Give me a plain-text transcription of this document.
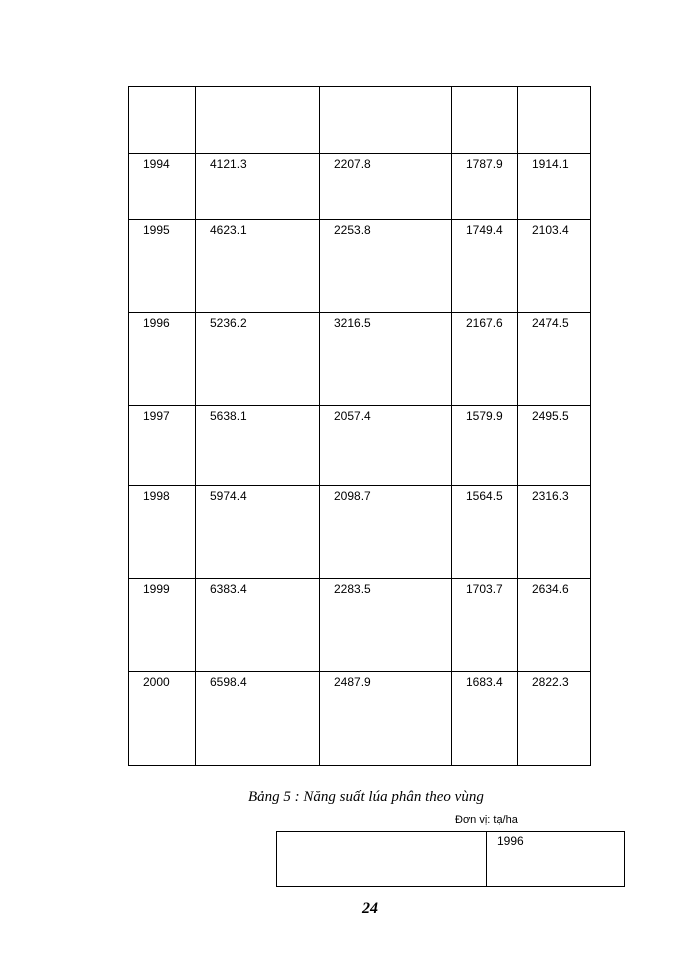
1994	4121.3	2207.8	1787.9	1914.1
1995	4623.1	2253.8	1749.4	2103.4
1996	5236.2	3216.5	2167.6	2474.5
1997	5638.1	2057.4	1579.9	2495.5
1998	5974.4	2098.7	1564.5	2316.3
1999	6383.4	2283.5	1703.7	2634.6
2000	6598.4	2487.9	1683.4	2822.3
Bảng 5 : Năng suất lúa phân theo vùng
Đơn vị: tạ/ha
	1996
24
